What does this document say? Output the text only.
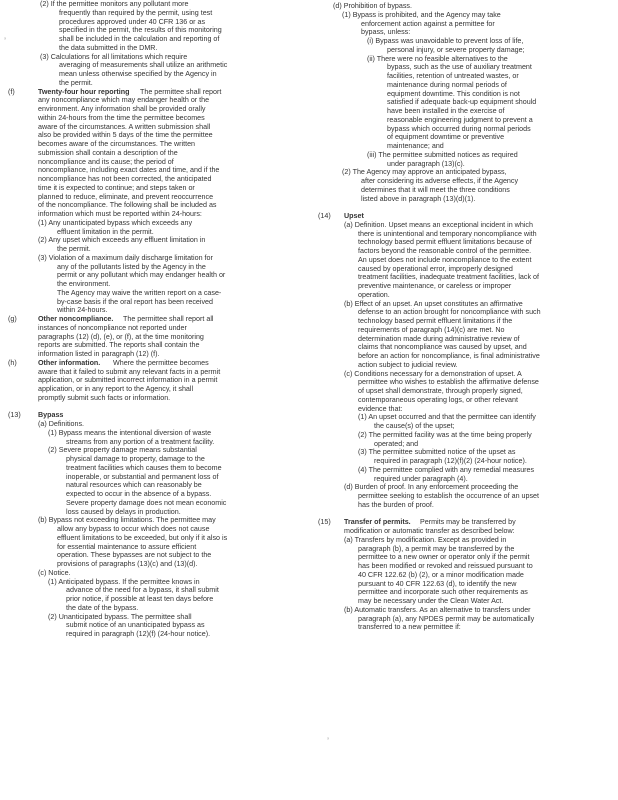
(2) If the permittee monitors any pollutant more
frequently than required by the permit, using test
procedures approved under 40 CFR 136 or as
specified in the permit, the results of this monitoring
shall be included in the calculation and reporting of
the data submitted in the DMR.
(3) Calculations for all limitations which require
averaging of measurements shall utilize an arithmetic
mean unless otherwise specified by the Agency in
the permit.
(f)	Twenty-four hour reporting The permittee shall report
any noncompliance which may endanger health or the
environment. Any information shall be provided orally
within 24-hours from the time the permittee becomes
aware of the circumstances. A written submission shall
also be provided within 5 days of the time the permittee
becomes aware of the circumstances. The written
submission shall contain a description of the
noncompliance and its cause; the period of
noncompliance, including exact dates and time, and if the
noncompliance has not been corrected, the anticipated
time it is expected to continue; and steps taken or
planned to reduce, eliminate, and prevent reoccurrence
of the noncompliance. The following shall be included as
information which must be reported within 24-hours:
(1) Any unanticipated bypass which exceeds any
effluent limitation in the permit.
(2) Any upset which exceeds any effluent limitation in
the permit.
(3) Violation of a maximum daily discharge limitation for
any of the pollutants listed by the Agency in the
permit or any pollutant which may endanger health or
the environment.
The Agency may waive the written report on a case-
by-case basis if the oral report has been received
within 24-hours.
(g)	Other noncompliance. The permittee shall report all
instances of noncompliance not reported under
paragraphs (12) (d), (e), or (f), at the time monitoring
reports are submitted. The reports shall contain the
information listed in paragraph (12) (f).
(h)	Other information. Where the permittee becomes
aware that it failed to submit any relevant facts in a permit
application, or submitted incorrect information in a permit
application, or in any report to the Agency, it shall
promptly submit such facts or information.
(13) Bypass
(a) Definitions.
(1) Bypass means the intentional diversion of waste
streams from any portion of a treatment facility.
(2) Severe property damage means substantial
physical damage to property, damage to the
treatment facilities which causes them to become
inoperable, or substantial and permanent loss of
natural resources which can reasonably be
expected to occur in the absence of a bypass.
Severe property damage does not mean economic
loss caused by delays in production.
(b) Bypass not exceeding limitations. The permittee may
allow any bypass to occur which does not cause
effluent limitations to be exceeded, but only if it also is
for essential maintenance to assure efficient
operation. These bypasses are not subject to the
provisions of paragraphs (13)(c) and (13)(d).
(c) Notice.
(1) Anticipated bypass. If the permittee knows in
advance of the need for a bypass, it shall submit
prior notice, if possible at least ten days before
the date of the bypass.
(2) Unanticipated bypass. The permittee shall
submit notice of an unanticipated bypass as
required in paragraph (12)(f) (24-hour notice).
(d) Prohibition of bypass.
(1) Bypass is prohibited, and the Agency may take
enforcement action against a permittee for
bypass, unless:
(i) Bypass was unavoidable to prevent loss of life,
personal injury, or severe property damage;
(ii) There were no feasible alternatives to the
bypass, such as the use of auxiliary treatment
facilities, retention of untreated wastes, or
maintenance during normal periods of
equipment downtime. This condition is not
satisfied if adequate back-up equipment should
have been installed in the exercise of
reasonable engineering judgment to prevent a
bypass which occurred during normal periods
of equipment downtime or preventive
maintenance; and
(iii) The permittee submitted notices as required
under paragraph (13)(c).
(2) The Agency may approve an anticipated bypass,
after considering its adverse effects, if the Agency
determines that it will meet the three conditions
listed above in paragraph (13)(d)(1).
(14) Upset
(a) Definition. Upset means an exceptional incident in which
there is unintentional and temporary noncompliance with
technology based permit effluent limitations because of
factors beyond the reasonable control of the permittee.
An upset does not include noncompliance to the extent
caused by operational error, improperly designed
treatment facilities, inadequate treatment facilities, lack of
preventive maintenance, or careless or improper
operation.
(b) Effect of an upset. An upset constitutes an affirmative
defense to an action brought for noncompliance with such
technology based permit effluent limitations if the
requirements of paragraph (14)(c) are met. No
determination made during administrative review of
claims that noncompliance was caused by upset, and
before an action for noncompliance, is final administrative
action subject to judicial review.
(c) Conditions necessary for a demonstration of upset. A
permittee who wishes to establish the affirmative defense
of upset shall demonstrate, through properly signed,
contemporaneous operating logs, or other relevant
evidence that:
(1) An upset occurred and that the permittee can identify
the cause(s) of the upset;
(2) The permitted facility was at the time being properly
operated; and
(3) The permittee submitted notice of the upset as
required in paragraph (12)(f)(2) (24-hour notice).
(4) The permittee complied with any remedial measures
required under paragraph (4).
(d) Burden of proof. In any enforcement proceeding the
permittee seeking to establish the occurrence of an upset
has the burden of proof.
(15) Transfer of permits. Permits may be transferred by
modification or automatic transfer as described below:
(a) Transfers by modification. Except as provided in
paragraph (b), a permit may be transferred by the
permittee to a new owner or operator only if the permit
has been modified or revoked and reissued pursuant to
40 CFR 122.62 (b) (2), or a minor modification made
pursuant to 40 CFR 122.63 (d), to identify the new
permittee and incorporate such other requirements as
may be necessary under the Clean Water Act.
(b) Automatic transfers. As an alternative to transfers under
paragraph (a), any NPDES permit may be automatically
transferred to a new permittee if:
’
’
